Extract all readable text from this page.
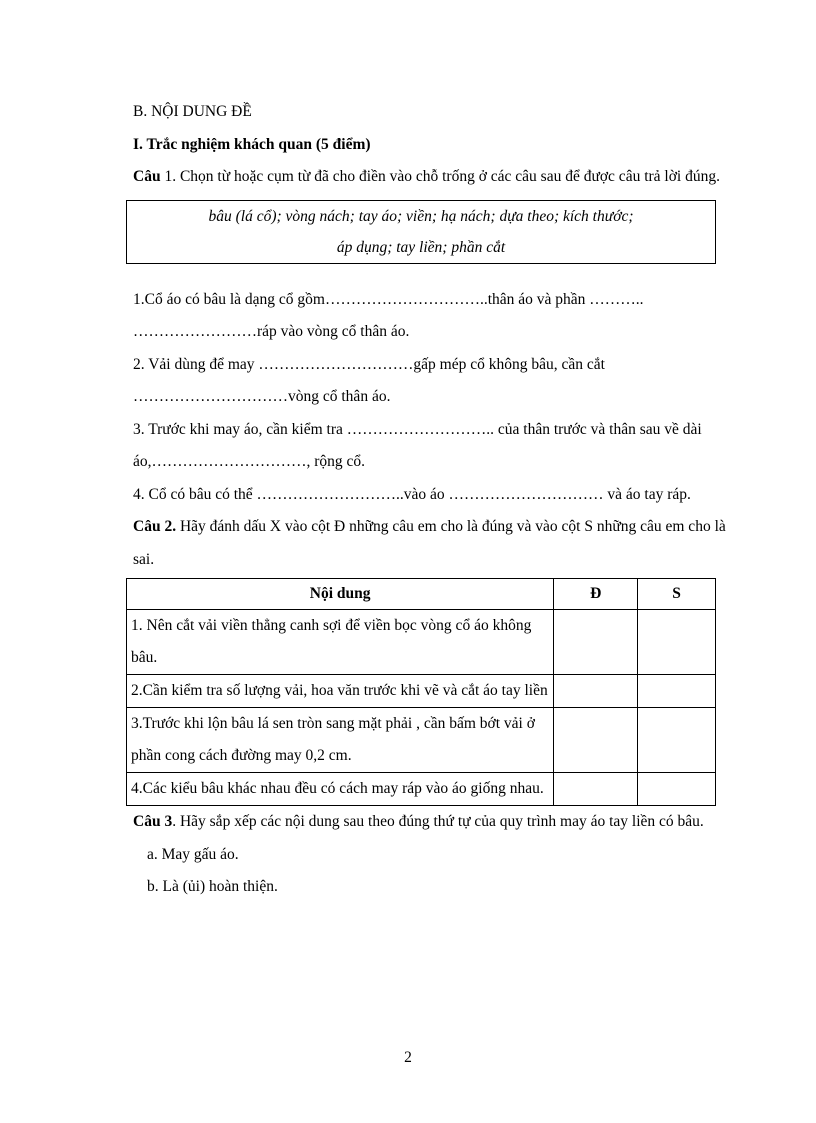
B. NỘI DUNG ĐỀ

I. Trắc nghiệm khách quan (5 điểm)

Câu 1. Chọn từ hoặc cụm từ đã cho điền vào chỗ trống ở các câu sau để được câu trả lời đúng.

bâu (lá cổ); vòng nách; tay áo; viền; hạ nách; dựa theo; kích thước;
áp dụng; tay liền; phần cắt

1.Cổ áo có bâu là dạng cổ gồm…………………………..thân áo và phần ……….. ……………………ráp vào vòng cổ thân áo.

2. Vải dùng để may …………………………gấp mép cổ không bâu, cần cắt …………………………vòng cổ thân áo.

3. Trước khi may áo, cần kiểm tra ……………………….. của thân trước và thân sau về dài áo,…………………………, rộng cổ.

4. Cổ có bâu có thể ………………………..vào áo ………………………… và áo tay ráp.

Câu 2. Hãy đánh dấu X vào cột Đ những câu em cho là đúng và vào cột S những câu em cho là sai.

Nội dung	Đ	S
1. Nên cắt vải viền thẳng canh sợi để viền bọc vòng cổ áo không bâu.		
2.Cần kiểm tra số lượng vải, hoa văn trước khi vẽ và cắt áo tay liền		
3.Trước khi lộn bâu lá sen tròn sang mặt phải , cần bấm bớt vải ở phần cong cách đường may 0,2 cm.		
4.Các kiểu bâu khác nhau đều có cách may ráp vào áo giống nhau.		

Câu 3. Hãy sắp xếp các nội dung sau theo đúng thứ tự của quy trình may áo tay liền có bâu.

a. May gấu áo.

b. Là (ủi) hoàn thiện.

2
